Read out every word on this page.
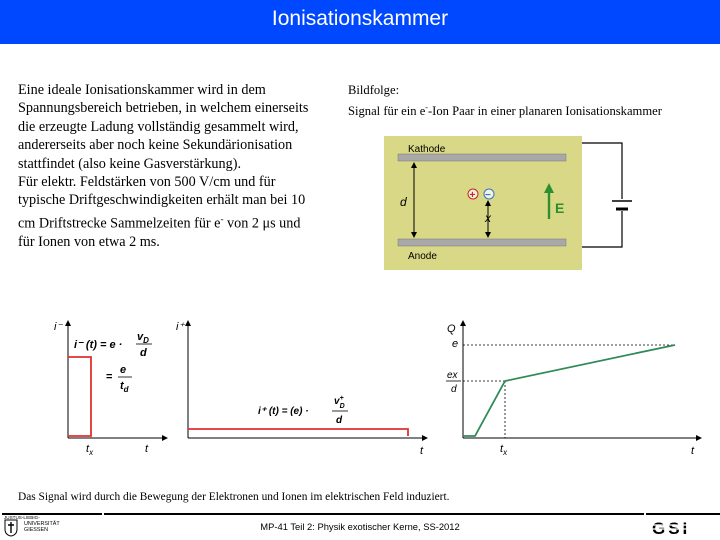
Ionisationskammer

Eine ideale Ionisationskammer wird in dem Spannungsbereich betrieben, in welchem einerseits die erzeugte Ladung vollständig gesammelt wird, andererseits aber noch keine Sekundärionisation stattfindet (also keine Gasverstärkung).

Für elektr. Feldstärken von 500 V/cm und für typische Driftgeschwindigkeiten erhält man bei 10 cm Driftstrecke Sammelzeiten für e- von 2 μs und für Ionen von etwa 2 ms.

Bildfolge:
Signal für ein e--Ion Paar in einer planaren Ionisationskammer
Kathode
Anode
d
x
+ −
E
i⁻
i⁻ (t) = e ·
$v_D$
d
=
e
$t_d$
$t_x$	t
i⁺
i⁺ (t) = (e) ·
v+ D
d
t
Q
e
ex
d
$t_x$	t
Das Signal wird durch die Bewegung der Elektronen und Ionen im elektrischen Feld induziert.
JUSTUS-LIEBIG-
UNIVERSITÄT
GIESSEN	MP-41 Teil 2: Physik exotischer Kerne, SS-2012	GSI
